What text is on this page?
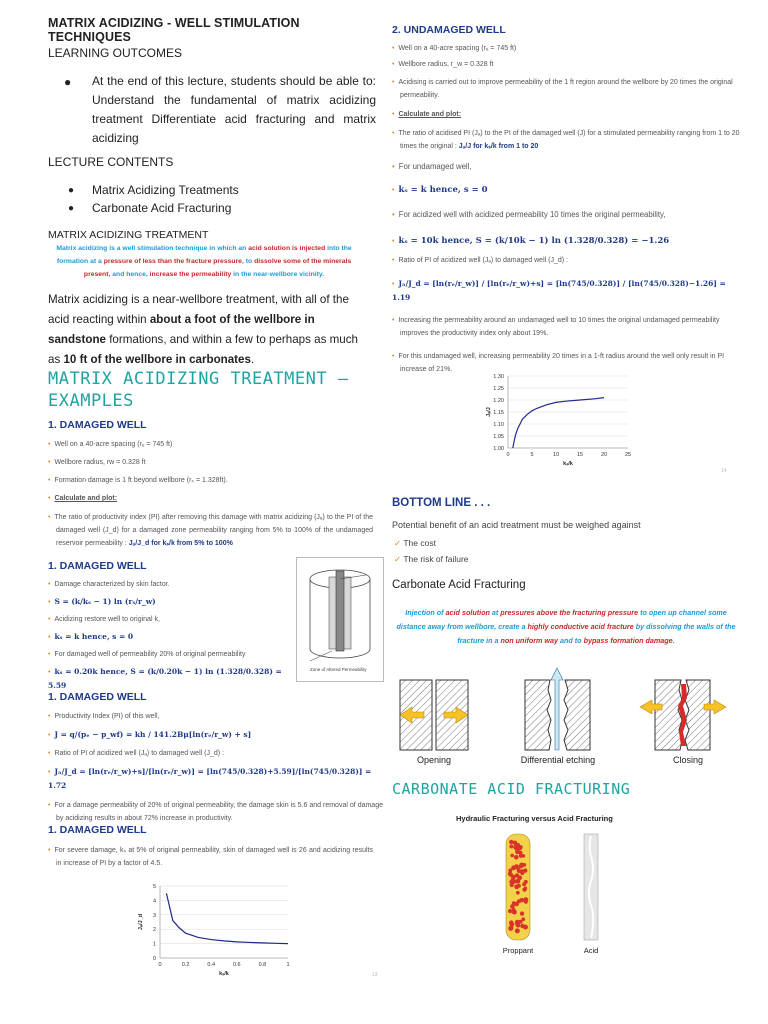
MATRIX ACIDIZING - WELL STIMULATION TECHNIQUES
LEARNING OUTCOMES
●	At the end of this lecture, students should be able to: Understand the fundamental of matrix acidizing treatment Differentiate acid fracturing and matrix acidizing
LECTURE CONTENTS
● Matrix Acidizing Treatments
● Carbonate Acid Fracturing
MATRIX ACIDIZING TREATMENT
Matrix acidizing is a well stimulation technique in which an acid solution is injected into the formation at a pressure of less than the fracture pressure, to dissolve some of the minerals present, and hence, increase the permeability in the near-wellbore vicinity.
Matrix acidizing is a near-wellbore treatment, with all of the acid reacting within about a foot of the wellbore in sandstone formations, and within a few to perhaps as much as 10 ft of the wellbore in carbonates.
MATRIX ACIDIZING TREATMENT –
EXAMPLES
1. DAMAGED WELL
• Well on a 40-acre spacing (rₑ = 745 ft)
• Wellbore radius, rw = 0.328 ft
• Formation damage is 1 ft beyond wellbore (rₛ = 1.328ft).
• Calculate and plot:
• The ratio of productivity index (PI) after removing this damage with matrix acidizing (Jₐ) to the PI of the damaged well (J_d) for a damaged zone permeability ranging from 5% to 100% of the undamaged reservoir permeability : Jₐ/J_d for kₛ/k from 5% to 100%
1. DAMAGED WELL
• Damage characterized by skin factor.
• S = (k/kₛ − 1) ln (rₛ/r_w)
• Acidizing restore well to original k,
• kₛ = k hence, s = 0
• For damaged well of permeability 20% of original permeability
• kₛ = 0.20k hence, S = (k/0.20k − 1) ln (1.328/0.328) = 5.59
Zone of Altered Permeability
1. DAMAGED WELL
• Productivity Index (PI) of this well,
• J = q/(pₑ − p_wf) = kh / 141.2Bμ[ln(rₑ/r_w) + s]
• Ratio of PI of acidized well (Jₐ) to damaged well (J_d) :
• Jₐ/J_d = [ln(rₑ/r_w)+s]/[ln(rₑ/r_w)] = [ln(745/0.328)+5.59]/[ln(745/0.328)] = 1.72
• For a damage permeability of 20% of original permeability, the damage skin is 5.6 and removal of damage by acidizing results in about 72% increase in productivity.
1. DAMAGED WELL
• For severe damage, kₛ at 5% of original permeability, skin of damaged well is 26 and acidizing results in increase of PI by a factor of 4.5.
0
1
2
3
4
5
0	0.2	0.4	0.6	0.8	1
kₛ/k
Jₐ/J_d
13
2. UNDAMAGED WELL
• Well on a 40-acre spacing (rₑ = 745 ft)
• Wellbore radius, r_w = 0.328 ft
• Acidising is carried out to improve permeability of the 1 ft region around the wellbore by 20 times the original permeability.
• Calculate and plot:
• The ratio of acidised PI (Jₐ) to the PI of the damaged well (J) for a stimulated permeability ranging from 1 to 20 times the original : Jₐ/J for kₛ/k from 1 to 20
• For undamaged well,
• kₛ = k hence, s = 0
• For acidized well with acidized permeability 10 times the original permeability,
• kₛ = 10k hence, S = (k/10k − 1) ln (1.328/0.328) = −1.26
• Ratio of PI of acidized well (Jₐ) to damaged well (J_d) :
• Jₐ/J_d = [ln(rₑ/r_w)] / [ln(rₑ/r_w)+s] = [ln(745/0.328)] / [ln(745/0.328)−1.26] = 1.19
• Increasing the permeability around an undamaged well to 10 times the original undamaged permeability improves the productivity index only about 19%.
• For this undamaged well, increasing permeability 20 times in a 1-ft radius around the well only result in PI increase of 21%.
1.00
1.05
1.10
1.15
1.20
1.25
1.30
0	5	10	15	20	25
kₛ/k
Jₐ/J
14
BOTTOM LINE . . .
Potential benefit of an acid treatment must be weighed against
✓ The cost
✓ The risk of failure
Carbonate Acid Fracturing
Injection of acid solution at pressures above the fracturing pressure to open up channel some distance away from wellbore, create a highly conductive acid fracture by dissolving the walls of the fracture in a non uniform way and to bypass formation damage.
Opening	Differential etching	Closing
CARBONATE ACID FRACTURING
Hydraulic Fracturing versus Acid Fracturing
Proppant	Acid
